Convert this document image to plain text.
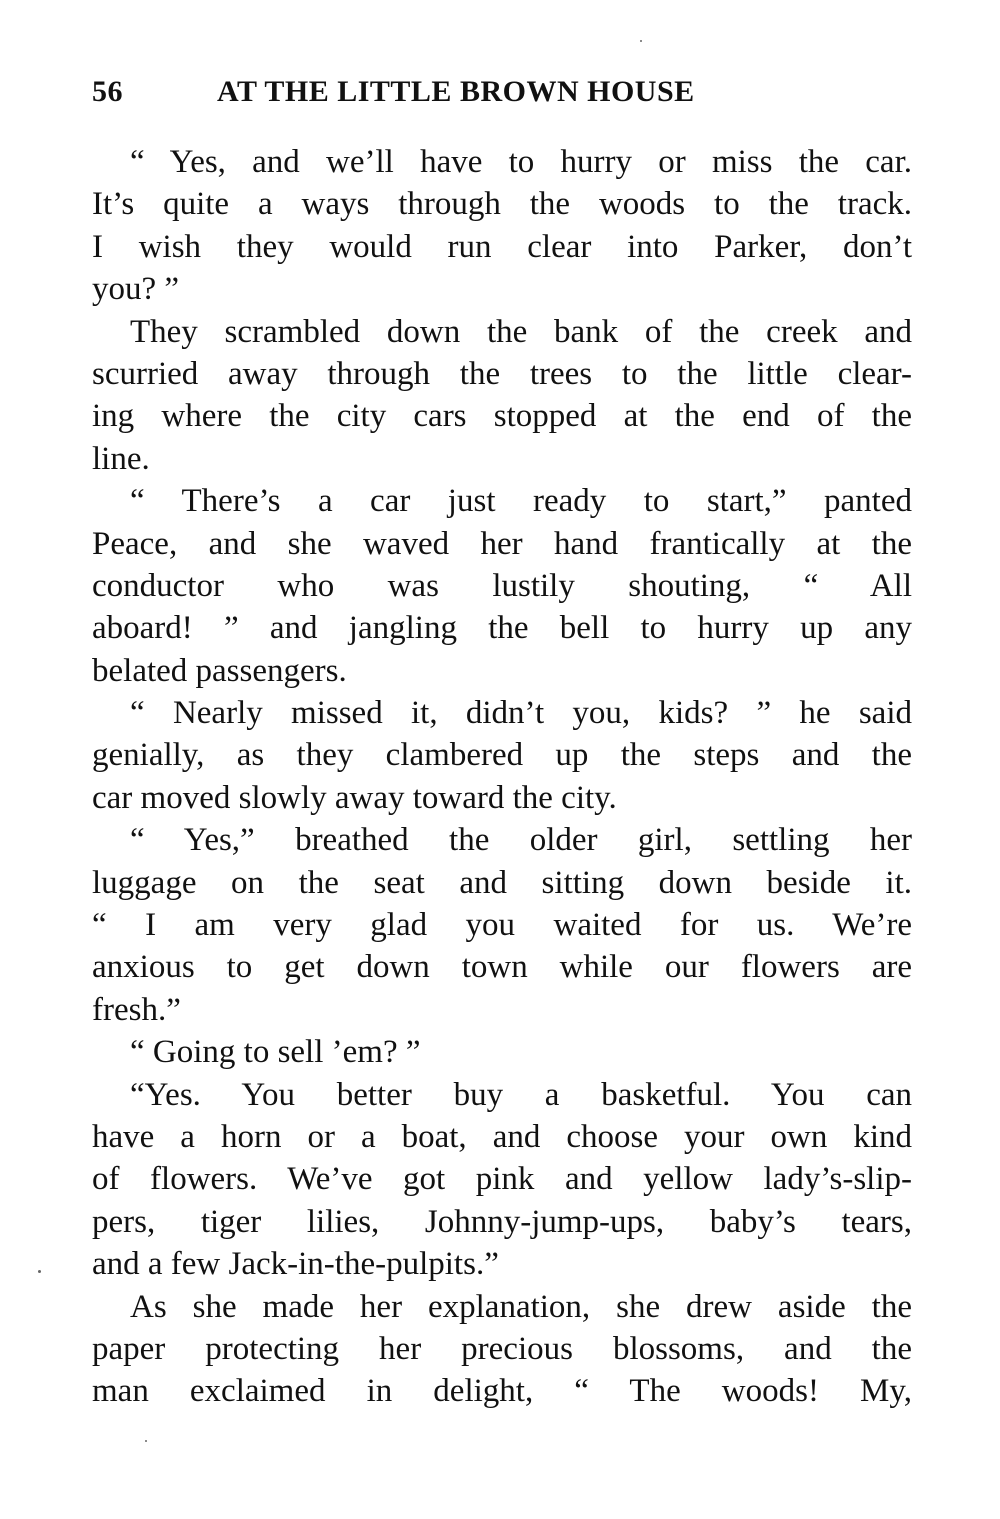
56	AT THE LITTLE BROWN HOUSE
“ Yes, and we’ll have to hurry or miss the car.
It’s quite a ways through the woods to the track.
I wish they would run clear into Parker, don’t
you? ”
They scrambled down the bank of the creek and
scurried away through the trees to the little clear-
ing where the city cars stopped at the end of the
line.
“ There’s a car just ready to start,” panted
Peace, and she waved her hand frantically at the
conductor who was lustily shouting, “ All
aboard! ” and jangling the bell to hurry up any
belated passengers.
“ Nearly missed it, didn’t you, kids? ” he said
genially, as they clambered up the steps and the
car moved slowly away toward the city.
“ Yes,” breathed the older girl, settling her
luggage on the seat and sitting down beside it.
“ I am very glad you waited for us. We’re
anxious to get down town while our flowers are
fresh.”
“ Going to sell ’em? ”
“Yes. You better buy a basketful. You can
have a horn or a boat, and choose your own kind
of flowers. We’ve got pink and yellow lady’s-slip-
pers, tiger lilies, Johnny-jump-ups, baby’s tears,
and a few Jack-in-the-pulpits.”
As she made her explanation, she drew aside the
paper protecting her precious blossoms, and the
man exclaimed in delight, “ The woods! My,
